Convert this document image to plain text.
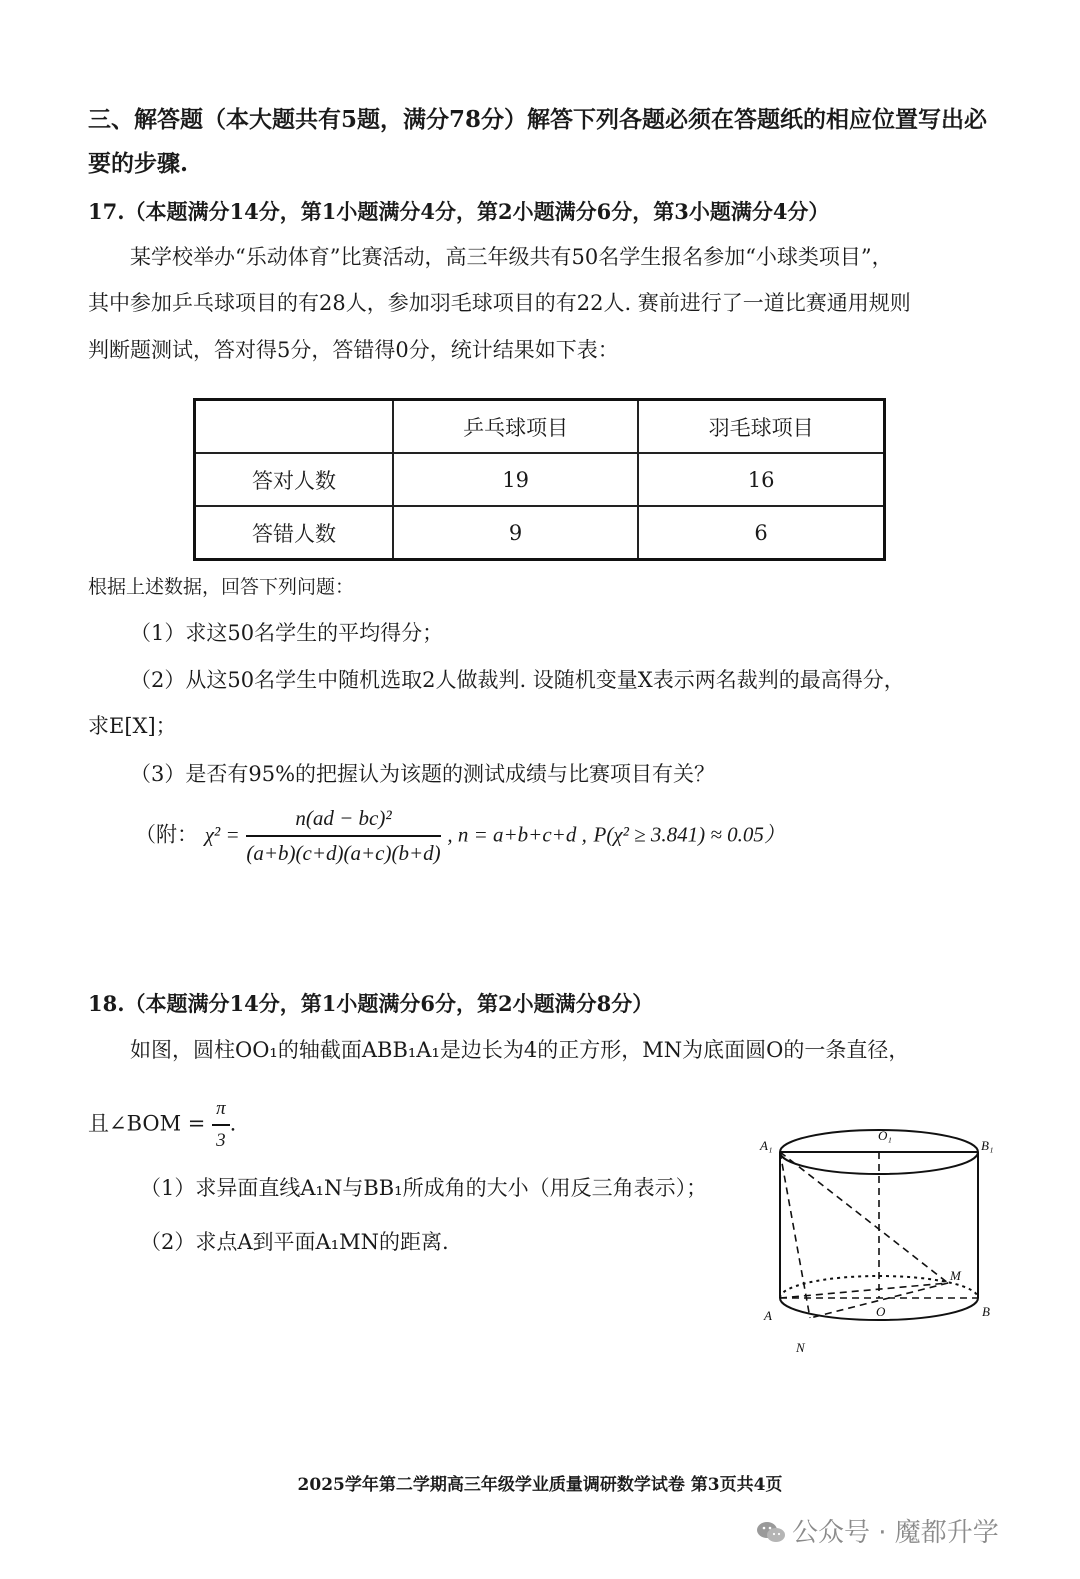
三、解答题（本大题共有5题，满分78分）解答下列各题必须在答题纸的相应位置写出必要的步骤.
17.（本题满分14分，第1小题满分4分，第2小题满分6分，第3小题满分4分）
某学校举办“乐动体育”比赛活动，高三年级共有50名学生报名参加“小球类项目”，
其中参加乒乓球项目的有28人，参加羽毛球项目的有22人. 赛前进行了一道比赛通用规则
判断题测试，答对得5分，答错得0分，统计结果如下表：
	乒乓球项目	羽毛球项目
答对人数	19	16
答错人数	9	6
根据上述数据，回答下列问题：
（1）求这50名学生的平均得分；
（2）从这50名学生中随机选取2人做裁判. 设随机变量X表示两名裁判的最高得分，
求E[X]；
（3）是否有95%的把握认为该题的测试成绩与比赛项目有关？
（附： $\chi^2 = \frac{\text{n(ad − bc)²}}{(a+b)(c+d)(a+c)(b+d)}$ , n = a+b+c+d , P(χ² ≥ 3.841) ≈ 0.05）
18.（本题满分14分，第1小题满分6分，第2小题满分8分）
如图，圆柱OO₁的轴截面ABB₁A₁是边长为4的正方形，MN为底面圆O的一条直径，
且∠BOM = $\frac{\pi}{3}$ .
（1）求异面直线A₁N与BB₁所成角的大小（用反三角表示）；
（2）求点A到平面A₁MN的距离.
A₁
O₁
B₁
A	O	B
M
N
2025学年第二学期高三年级学业质量调研数学试卷 第3页共4页
公众号 · 魔都升学
